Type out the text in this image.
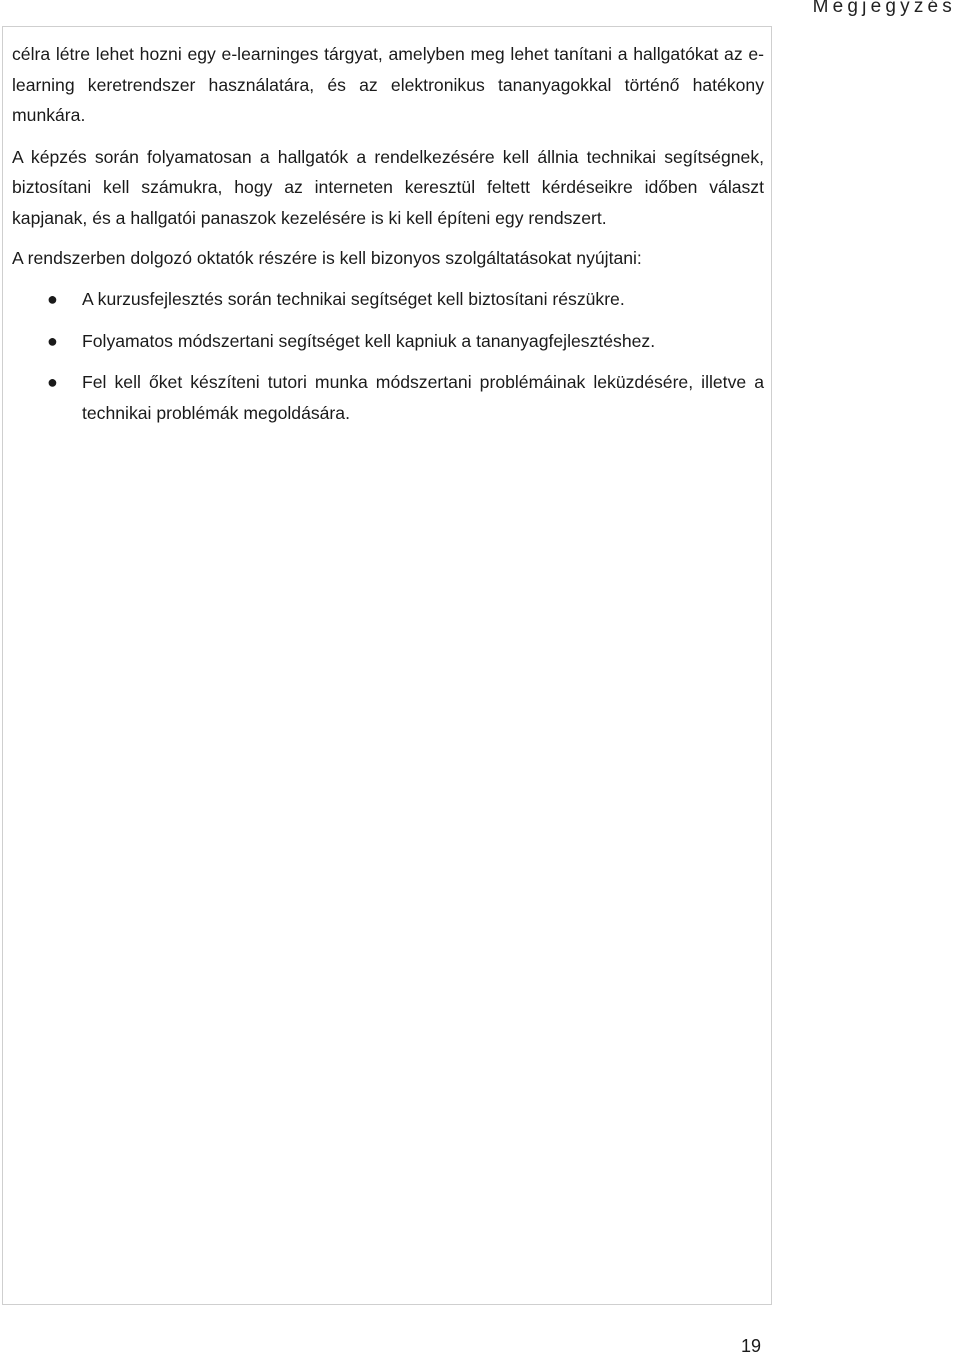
Megjegyzés

célra létre lehet hozni egy e-learninges tárgyat, amelyben meg lehet tanítani a hallgatókat az e-learning keretrendszer használatára, és az elektronikus tananyagokkal történő hatékony munkára.

A képzés során folyamatosan a hallgatók a rendelkezésére kell állnia technikai segítségnek, biztosítani kell számukra, hogy az interneten keresztül feltett kérdéseikre időben választ kapjanak, és a hallgatói panaszok kezelésére is ki kell építeni egy rendszert.

A rendszerben dolgozó oktatók részére is kell bizonyos szolgáltatásokat nyújtani:

● A kurzusfejlesztés során technikai segítséget kell biztosítani részükre.
● Folyamatos módszertani segítséget kell kapniuk a tananyagfejlesztéshez.
● Fel kell őket készíteni tutori munka módszertani problémáinak leküzdésére, illetve a technikai problémák megoldására.
19
